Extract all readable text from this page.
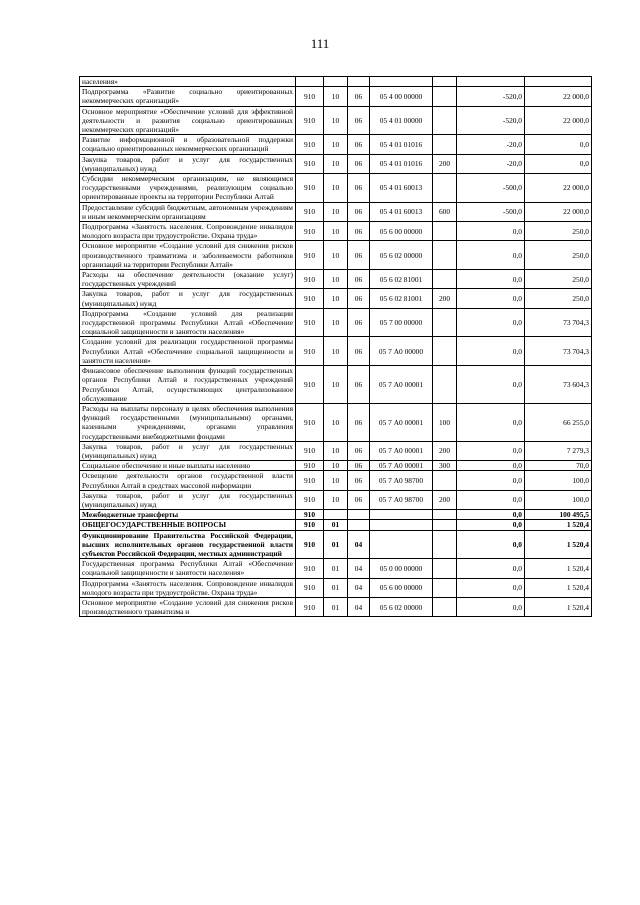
111
населения»							
Подпрограмма «Развитие социально ориентированных некоммерческих организаций»	910	10	06	05 4 00 00000		-520,0	22 000,0
Основное мероприятие «Обеспечение условий для эффективной деятельности и развития социально ориентированных некоммерческих организаций»	910	10	06	05 4 01 00000		-520,0	22 000,0
Развитие информационной и образовательной поддержки социально ориентированных некоммерческих организаций	910	10	06	05 4 01 01016		-20,0	0,0
Закупка товаров, работ и услуг для государственных (муниципальных) нужд	910	10	06	05 4 01 01016	200	-20,0	0,0
Субсидии некоммерческим организациям, не являющимся государственными учреждениями, реализующим социально ориентированные проекты на территории Республики Алтай	910	10	06	05 4 01 60013		-500,0	22 000,0
Предоставление субсидий бюджетным, автономным учреждениям и иным некоммерческим организациям	910	10	06	05 4 01 60013	600	-500,0	22 000,0
Подпрограмма «Занятость населения. Сопровождение инвалидов молодого возраста при трудоустройстве. Охрана труда»	910	10	06	05 6 00 00000		0,0	250,0
Основное мероприятие «Создание условий для снижения рисков производственного травматизма и заболеваемости работников организаций на территории Республики Алтай»	910	10	06	05 6 02 00000		0,0	250,0
Расходы на обеспечение деятельности (оказание услуг) государственных учреждений	910	10	06	05 6 02 81001		0,0	250,0
Закупка товаров, работ и услуг для государственных (муниципальных) нужд	910	10	06	05 6 02 81001	200	0,0	250,0
Подпрограмма «Создание условий для реализации государственной программы Республики Алтай «Обеспечение социальной защищенности и занятости населения»	910	10	06	05 7 00 00000		0,0	73 704,3
Создание условий для реализации государственной программы Республики Алтай «Обеспечение социальной защищенности и занятости населения»	910	10	06	05 7 А0 00000		0,0	73 704,3
Финансовое обеспечение выполнения функций государственных органов Республики Алтай и государственных учреждений Республики Алтай, осуществляющих централизованное обслуживание	910	10	06	05 7 А0 00001		0,0	73 604,3
Расходы на выплаты персоналу в целях обеспечения выполнения функций государственными (муниципальными) органами, казенными учреждениями, органами управления государственными внебюджетными фондами	910	10	06	05 7 А0 00001	100	0,0	66 255,0
Закупка товаров, работ и услуг для государственных (муниципальных) нужд	910	10	06	05 7 А0 00001	200	0,0	7 279,3
Социальное обеспечение и иные выплаты населению	910	10	06	05 7 А0 00001	300	0,0	70,0
Освещение деятельности органов государственной власти Республики Алтай в средствах массовой информации	910	10	06	05 7 А0 98700		0,0	100,0
Закупка товаров, работ и услуг для государственных (муниципальных) нужд	910	10	06	05 7 А0 98700	200	0,0	100,0
Межбюджетные трансферты	910					0,0	100 495,5
ОБЩЕГОСУДАРСТВЕННЫЕ ВОПРОСЫ	910	01				0,0	1 520,4
Функционирование Правительства Российской Федерации, высших исполнительных органов государственной власти субъектов Российской Федерации, местных администраций	910	01	04			0,0	1 520,4
Государственная программа Республики Алтай «Обеспечение социальной защищенности и занятости населения»	910	01	04	05 0 00 00000		0,0	1 520,4
Подпрограмма «Занятость населения. Сопровождение инвалидов молодого возраста при трудоустройстве. Охрана труда»	910	01	04	05 6 00 00000		0,0	1 520,4
Основное мероприятие «Создание условий для снижения рисков производственного травматизма и	910	01	04	05 6 02 00000		0,0	1 520,4
